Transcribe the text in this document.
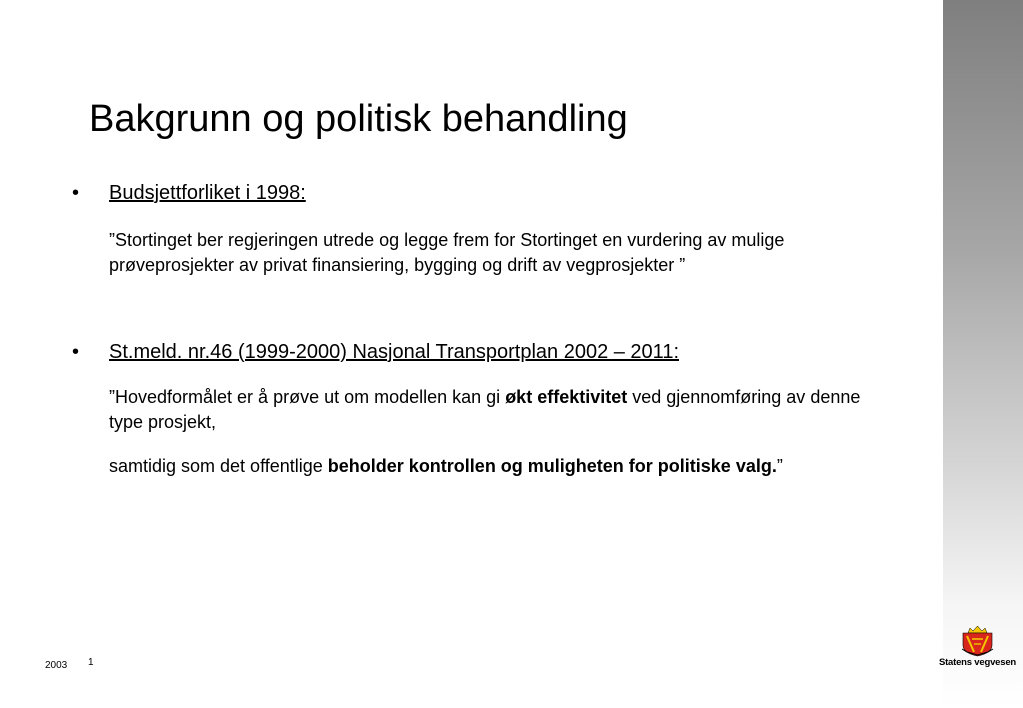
Bakgrunn og politisk behandling
• Budsjettforliket i 1998:
”Stortinget ber regjeringen utrede og legge frem for Stortinget en vurdering av mulige prøveprosjekter av privat finansiering, bygging og drift av vegprosjekter ”
• St.meld. nr.46 (1999-2000) Nasjonal Transportplan 2002 – 2011:
”Hovedformålet er å prøve ut om modellen kan gi økt effektivitet ved gjennomføring av denne type prosjekt,
samtidig som det offentlige beholder kontrollen og muligheten for politiske valg.”
2003 1	Statens vegvesen
